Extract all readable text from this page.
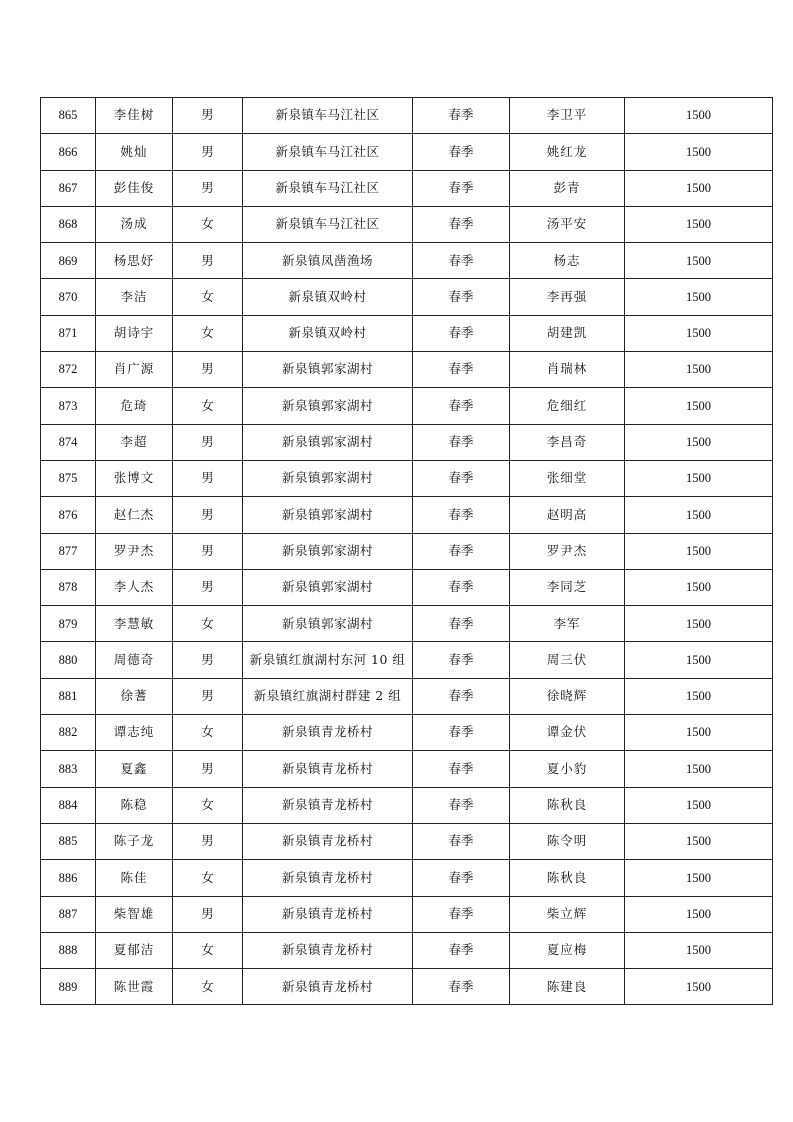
865	李佳树	男	新泉镇车马江社区	春季	李卫平	1500
866	姚灿	男	新泉镇车马江社区	春季	姚红龙	1500
867	彭佳俊	男	新泉镇车马江社区	春季	彭青	1500
868	汤成	女	新泉镇车马江社区	春季	汤平安	1500
869	杨思妤	男	新泉镇凤凿渔场	春季	杨志	1500
870	李洁	女	新泉镇双岭村	春季	李再强	1500
871	胡诗宇	女	新泉镇双岭村	春季	胡建凯	1500
872	肖广源	男	新泉镇郭家湖村	春季	肖瑞林	1500
873	危琦	女	新泉镇郭家湖村	春季	危细红	1500
874	李超	男	新泉镇郭家湖村	春季	李昌奇	1500
875	张博文	男	新泉镇郭家湖村	春季	张细堂	1500
876	赵仁杰	男	新泉镇郭家湖村	春季	赵明高	1500
877	罗尹杰	男	新泉镇郭家湖村	春季	罗尹杰	1500
878	李人杰	男	新泉镇郭家湖村	春季	李同芝	1500
879	李慧敏	女	新泉镇郭家湖村	春季	李军	1500
880	周德奇	男	新泉镇红旗湖村东河 10 组	春季	周三伏	1500
881	徐蓍	男	新泉镇红旗湖村群建 2 组	春季	徐晓辉	1500
882	谭志纯	女	新泉镇青龙桥村	春季	谭金伏	1500
883	夏鑫	男	新泉镇青龙桥村	春季	夏小豹	1500
884	陈稳	女	新泉镇青龙桥村	春季	陈秋良	1500
885	陈子龙	男	新泉镇青龙桥村	春季	陈令明	1500
886	陈佳	女	新泉镇青龙桥村	春季	陈秋良	1500
887	柴智雄	男	新泉镇青龙桥村	春季	柴立辉	1500
888	夏郁洁	女	新泉镇青龙桥村	春季	夏应梅	1500
889	陈世霞	女	新泉镇青龙桥村	春季	陈建良	1500
